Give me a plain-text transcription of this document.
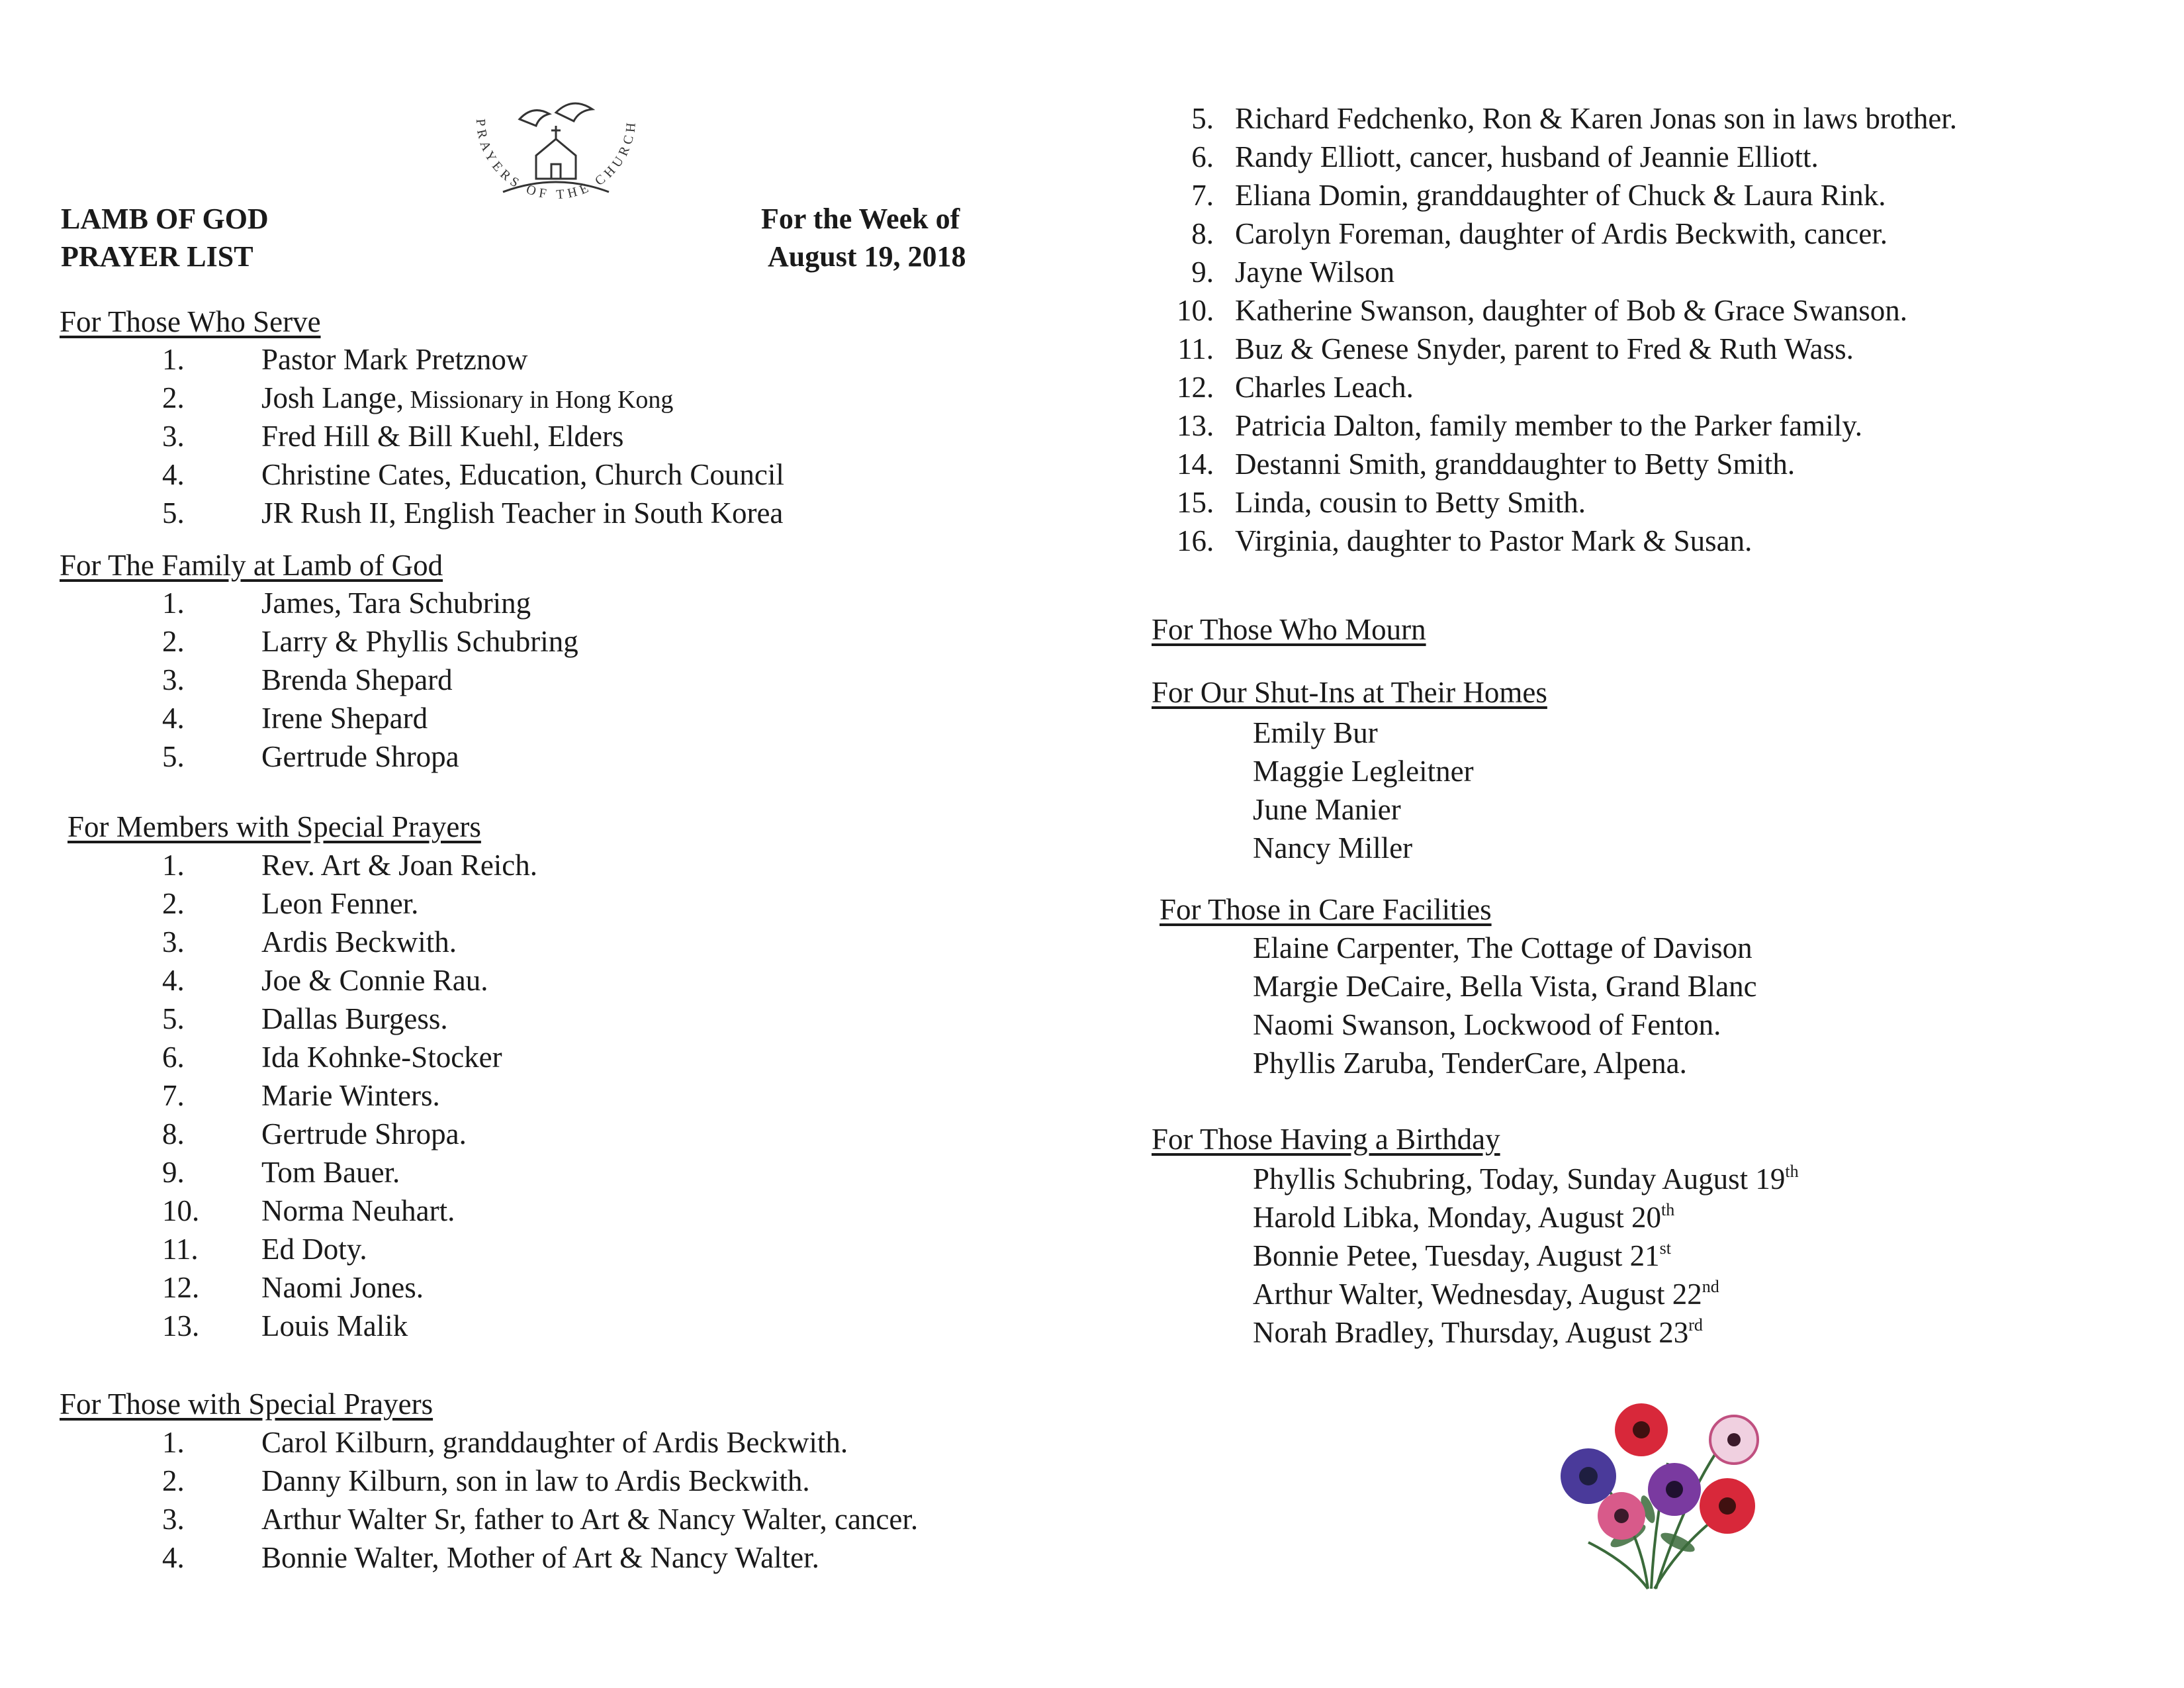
LAMB OF GOD
PRAYER LIST
For the Week of
August 19, 2018
For Those Who Serve
1.	Pastor Mark Pretznow
2.	Josh Lange, Missionary in Hong Kong
3.	Fred Hill & Bill Kuehl, Elders
4.	Christine Cates, Education, Church Council
5.	JR Rush II, English Teacher in South Korea
For The Family at Lamb of God
1.	James, Tara Schubring
2.	Larry & Phyllis Schubring
3.	Brenda Shepard
4.	Irene Shepard
5.	Gertrude Shropa
For Members with Special Prayers
1.	Rev. Art & Joan Reich.
2.	Leon Fenner.
3.	Ardis Beckwith.
4.	Joe & Connie Rau.
5.	Dallas Burgess.
6.	Ida Kohnke-Stocker
7.	Marie Winters.
8.	Gertrude Shropa.
9.	Tom Bauer.
10. Norma Neuhart.
11. Ed Doty.
12. Naomi Jones.
13. Louis Malik
For Those with Special Prayers
1.	Carol Kilburn, granddaughter of Ardis Beckwith.
2.	Danny Kilburn, son in law to Ardis Beckwith.
3.	Arthur Walter Sr, father to Art & Nancy Walter, cancer.
4.	Bonnie Walter, Mother of Art & Nancy Walter.
PRAYERS OF THE CHURCH	5. Richard Fedchenko, Ron & Karen Jonas son in laws brother.
6. Randy Elliott, cancer, husband of Jeannie Elliott.
7. Eliana Domin, granddaughter of Chuck & Laura Rink.
8. Carolyn Foreman, daughter of Ardis Beckwith, cancer.
9. Jayne Wilson
10. Katherine Swanson, daughter of Bob & Grace Swanson.
11. Buz & Genese Snyder, parent to Fred & Ruth Wass.
12. Charles Leach.
13. Patricia Dalton, family member to the Parker family.
14. Destanni Smith, granddaughter to Betty Smith.
15. Linda, cousin to Betty Smith.
16. Virginia, daughter to Pastor Mark & Susan.
For Those Who Mourn
For Our Shut-Ins at Their Homes
Emily Bur
Maggie Legleitner
June Manier
Nancy Miller
For Those in Care Facilities
Elaine Carpenter, The Cottage of Davison
Margie DeCaire, Bella Vista, Grand Blanc
Naomi Swanson, Lockwood of Fenton.
Phyllis Zaruba, TenderCare, Alpena.
For Those Having a Birthday
Phyllis Schubring, Today, Sunday August 19th
Harold Libka, Monday, August 20th
Bonnie Petee, Tuesday, August 21st
Arthur Walter, Wednesday, August 22nd
Norah Bradley, Thursday, August 23rd
